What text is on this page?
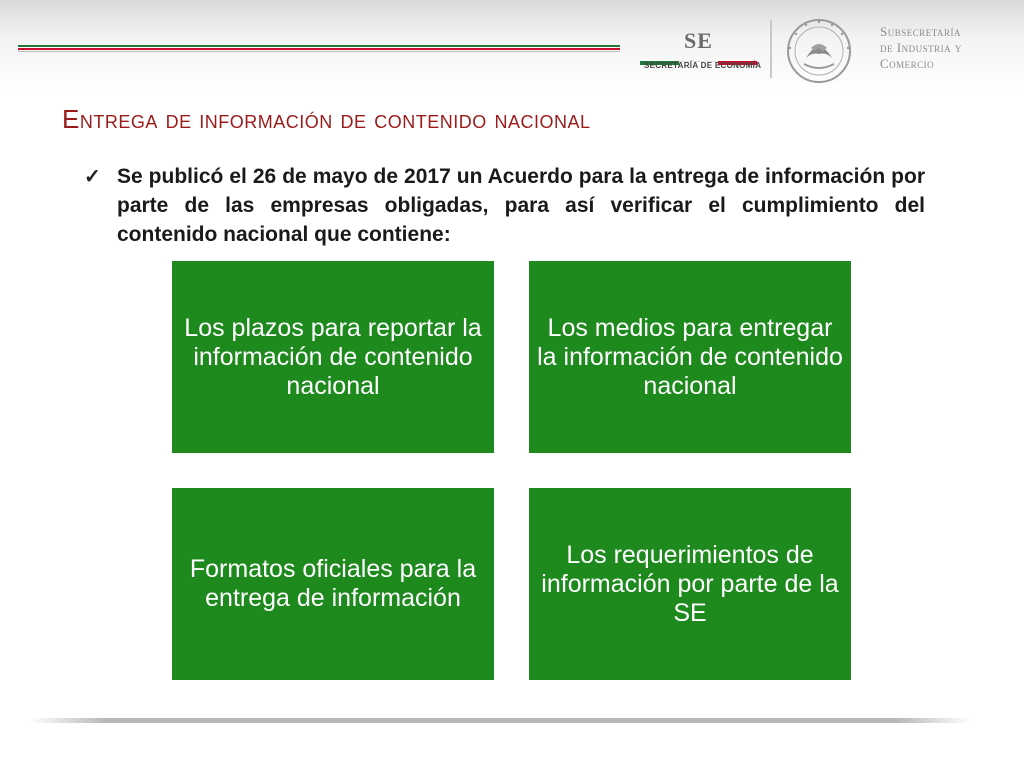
SE
SECRETARÍA DE ECONOMÍA
Subsecretaría
de Industria y
Comercio
Entrega de información de contenido nacional
✓ Se publicó el 26 de mayo de 2017 un Acuerdo para la entrega de información por parte de las empresas obligadas, para así verificar el cumplimiento del contenido nacional que contiene:
Los plazos para reportar la información de contenido nacional
Los medios para entregar la información de contenido nacional
Formatos oficiales para la entrega de información
Los requerimientos de información por parte de la SE
